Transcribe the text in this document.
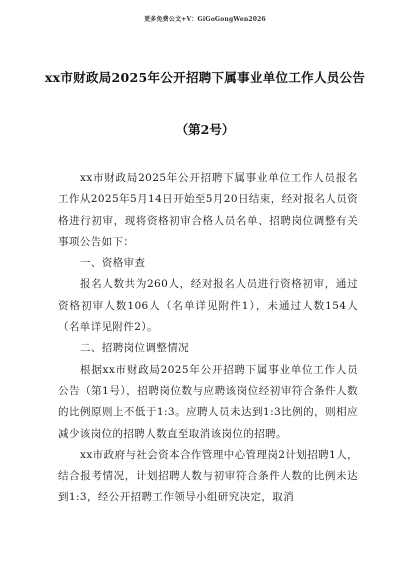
更多免费公文+V：GiGoGongWen2026
xx市财政局2025年公开招聘下属事业单位工作人员公告
（第2号）

xx市财政局2025年公开招聘下属事业单位工作人员报名工作从2025年5月14日开始至5月20日结束，经对报名人员资格进行初审，现将资格初审合格人员名单、招聘岗位调整有关事项公告如下：

一、资格审查

报名人数共为260人，经对报名人员进行资格初审，通过资格初审人数106人（名单详见附件1），未通过人数154人（名单详见附件2）。

二、招聘岗位调整情况

根据xx市财政局2025年公开招聘下属事业单位工作人员公告（第1号），招聘岗位数与应聘该岗位经初审符合条件人数的比例原则上不低于1:3。应聘人员未达到1:3比例的，则相应减少该岗位的招聘人数直至取消该岗位的招聘。

xx市政府与社会资本合作管理中心管理岗2计划招聘1人，结合报考情况，计划招聘人数与初审符合条件人数的比例未达到1:3，经公开招聘工作领导小组研究决定，取消
